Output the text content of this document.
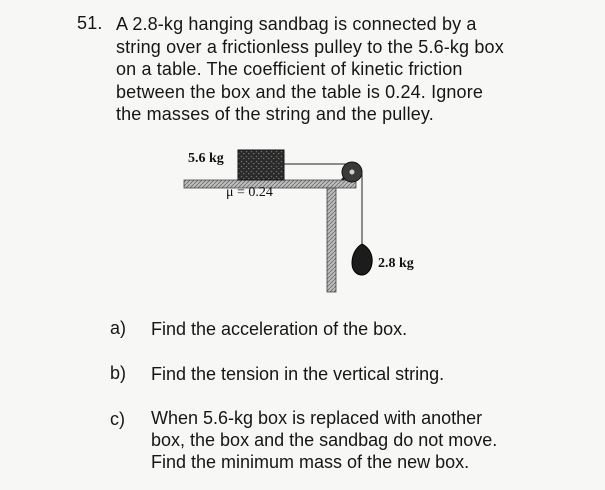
51. A 2.8-kg hanging sandbag is connected by a
string over a frictionless pulley to the 5.6-kg box
on a table. The coefficient of kinetic friction
between the box and the table is 0.24. Ignore
the masses of the string and the pulley.
5.6 kg
μ = 0.24
2.8 kg
a) Find the acceleration of the box.
b) Find the tension in the vertical string.
c) When 5.6-kg box is replaced with another
box, the box and the sandbag do not move.
Find the minimum mass of the new box.
